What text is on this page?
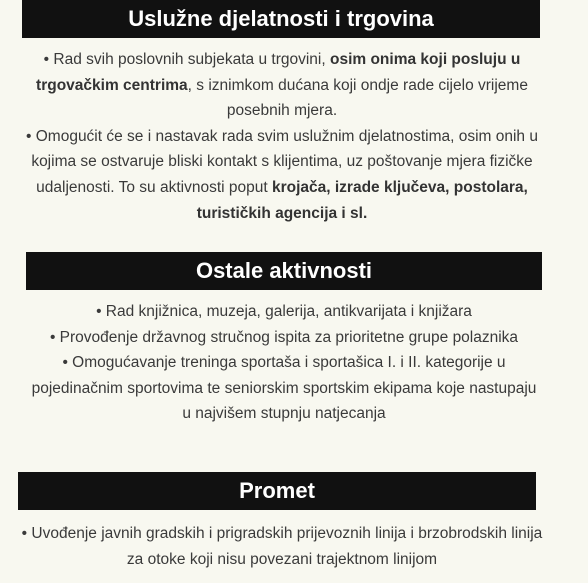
Uslužne djelatnosti i trgovina

• Rad svih poslovnih subjekata u trgovini, osim onima koji posluju u trgovačkim centrima, s iznimkom dućana koji ondje rade cijelo vrijeme posebnih mjera.

• Omogućit će se i nastavak rada svim uslužnim djelatnostima, osim onih u kojima se ostvaruje bliski kontakt s klijentima, uz poštovanje mjera fizičke udaljenosti. To su aktivnosti poput krojača, izrade ključeva, postolara, turističkih agencija i sl.

Ostale aktivnosti

• Rad knjižnica, muzeja, galerija, antikvarijata i knjižara

• Provođenje državnog stručnog ispita za prioritetne grupe polaznika

• Omogućavanje treninga sportaša i sportašica I. i II. kategorije u pojedinačnim sportovima te seniorskim sportskim ekipama koje nastupaju u najvišem stupnju natjecanja

Promet

• Uvođenje javnih gradskih i prigradskih prijevoznih linija i brzobrodskih linija za otoke koji nisu povezani trajektnom linijom
